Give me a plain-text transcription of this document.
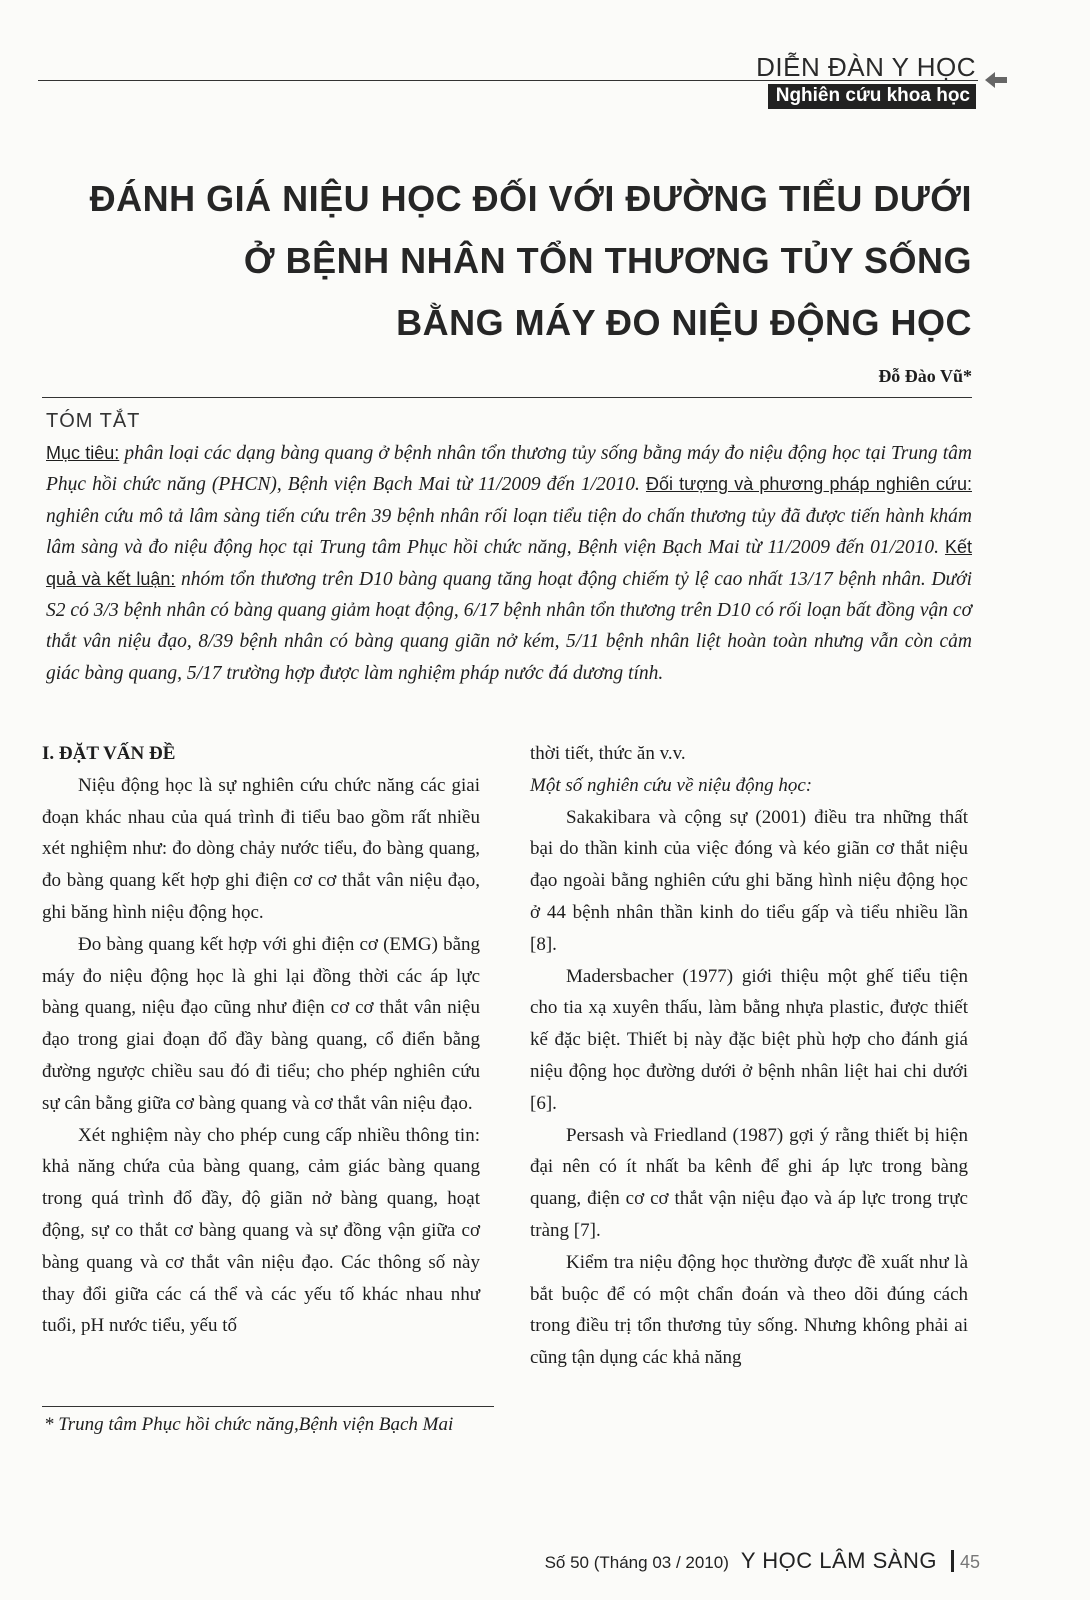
DIỄN ĐÀN Y HỌC
Nghiên cứu khoa học
ĐÁNH GIÁ NIỆU HỌC ĐỐI VỚI ĐƯỜNG TIỂU DƯỚI
Ở BỆNH NHÂN TỔN THƯƠNG TỦY SỐNG
BẰNG MÁY ĐO NIỆU ĐỘNG HỌC
Đỗ Đào Vũ*
TÓM TẮT
Mục tiêu: phân loại các dạng bàng quang ở bệnh nhân tổn thương tủy sống bằng máy đo niệu động học tại Trung tâm Phục hồi chức năng (PHCN), Bệnh viện Bạch Mai từ 11/2009 đến 1/2010. Đối tượng và phương pháp nghiên cứu: nghiên cứu mô tả lâm sàng tiến cứu trên 39 bệnh nhân rối loạn tiểu tiện do chấn thương tủy đã được tiến hành khám lâm sàng và đo niệu động học tại Trung tâm Phục hồi chức năng, Bệnh viện Bạch Mai từ 11/2009 đến 01/2010. Kết quả và kết luận: nhóm tổn thương trên D10 bàng quang tăng hoạt động chiếm tỷ lệ cao nhất 13/17 bệnh nhân. Dưới S2 có 3/3 bệnh nhân có bàng quang giảm hoạt động, 6/17 bệnh nhân tổn thương trên D10 có rối loạn bất đồng vận cơ thắt vân niệu đạo, 8/39 bệnh nhân có bàng quang giãn nở kém, 5/11 bệnh nhân liệt hoàn toàn nhưng vẫn còn cảm giác bàng quang, 5/17 trường hợp được làm nghiệm pháp nước đá dương tính.

I. ĐẶT VẤN ĐỀ

Niệu động học là sự nghiên cứu chức năng các giai đoạn khác nhau của quá trình đi tiểu bao gồm rất nhiều xét nghiệm như: đo dòng chảy nước tiểu, đo bàng quang, đo bàng quang kết hợp ghi điện cơ cơ thắt vân niệu đạo, ghi băng hình niệu động học.

Đo bàng quang kết hợp với ghi điện cơ (EMG) bằng máy đo niệu động học là ghi lại đồng thời các áp lực bàng quang, niệu đạo cũng như điện cơ cơ thắt vân niệu đạo trong giai đoạn đổ đầy bàng quang, cổ điển bằng đường ngược chiều sau đó đi tiểu; cho phép nghiên cứu sự cân bằng giữa cơ bàng quang và cơ thắt vân niệu đạo.

Xét nghiệm này cho phép cung cấp nhiều thông tin: khả năng chứa của bàng quang, cảm giác bàng quang trong quá trình đổ đầy, độ giãn nở bàng quang, hoạt động, sự co thắt cơ bàng quang và sự đồng vận giữa cơ bàng quang và cơ thắt vân niệu đạo. Các thông số này thay đổi giữa các cá thể và các yếu tố khác nhau như tuổi, pH nước tiểu, yếu tố

thời tiết, thức ăn v.v.

Một số nghiên cứu về niệu động học:

Sakakibara và cộng sự (2001) điều tra những thất bại do thần kinh của việc đóng và kéo giãn cơ thắt niệu đạo ngoài bằng nghiên cứu ghi băng hình niệu động học ở 44 bệnh nhân thần kinh do tiểu gấp và tiểu nhiều lần [8].

Madersbacher (1977) giới thiệu một ghế tiểu tiện cho tia xạ xuyên thấu, làm bằng nhựa plastic, được thiết kế đặc biệt. Thiết bị này đặc biệt phù hợp cho đánh giá niệu động học đường dưới ở bệnh nhân liệt hai chi dưới [6].

Persash và Friedland (1987) gợi ý rằng thiết bị hiện đại nên có ít nhất ba kênh để ghi áp lực trong bàng quang, điện cơ cơ thắt vận niệu đạo và áp lực trong trực tràng [7].

Kiểm tra niệu động học thường được đề xuất như là bắt buộc để có một chẩn đoán và theo dõi đúng cách trong điều trị tổn thương tủy sống. Nhưng không phải ai cũng tận dụng các khả năng

* Trung tâm Phục hồi chức năng,Bệnh viện Bạch Mai
Số 50 (Tháng 03 / 2010) Y HỌC LÂM SÀNG 45
